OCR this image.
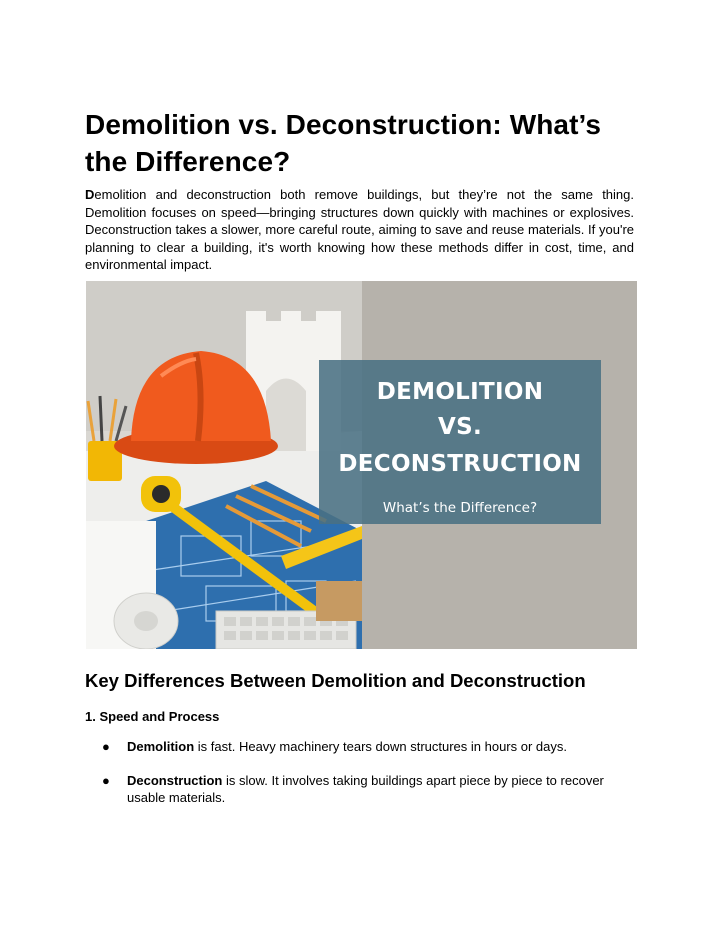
Demolition vs. Deconstruction: What’s the Difference?

Demolition and deconstruction both remove buildings, but they’re not the same thing. Demolition focuses on speed—bringing structures down quickly with machines or explosives. Deconstruction takes a slower, more careful route, aiming to save and reuse materials. If you're planning to clear a building, it's worth knowing how these methods differ in cost, time, and environmental impact.

DEMOLITION
VS.
DECONSTRUCTION
What’s the Difference?
Key Differences Between Demolition and Deconstruction
1. Speed and Process
● Demolition is fast. Heavy machinery tears down structures in hours or days.
● Deconstruction is slow. It involves taking buildings apart piece by piece to recover usable materials.
